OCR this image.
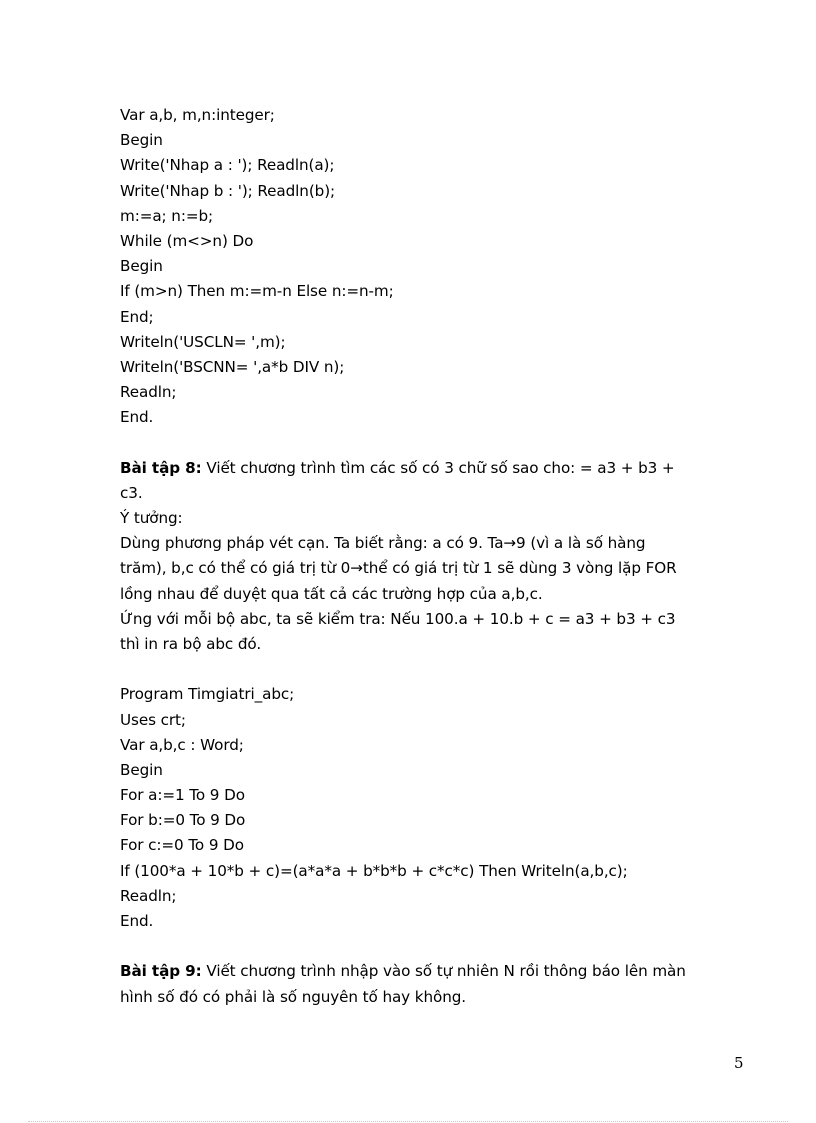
Var a,b, m,n:integer;
Begin
Write('Nhap a : '); Readln(a);
Write('Nhap b : '); Readln(b);
m:=a; n:=b;
While (m<>n) Do
Begin
If (m>n) Then m:=m-n Else n:=n-m;
End;
Writeln('USCLN= ',m);
Writeln('BSCNN= ',a*b DIV n);
Readln;
End.
Bài tập 8: Viết chương trình tìm các số có 3 chữ số sao cho: = a3 + b3 +
c3.
Ý tưởng:
Dùng phương pháp vét cạn. Ta biết rằng: a có 9. Ta→9 (vì a là số hàng
trăm), b,c có thể có giá trị từ 0→thể có giá trị từ 1 sẽ dùng 3 vòng lặp FOR
lồng nhau để duyệt qua tất cả các trường hợp của a,b,c.
Ứng với mỗi bộ abc, ta sẽ kiểm tra: Nếu 100.a + 10.b + c = a3 + b3 + c3
thì in ra bộ abc đó.
Program Timgiatri_abc;
Uses crt;
Var a,b,c : Word;
Begin
For a:=1 To 9 Do
For b:=0 To 9 Do
For c:=0 To 9 Do
If (100*a + 10*b + c)=(a*a*a + b*b*b + c*c*c) Then Writeln(a,b,c);
Readln;
End.
Bài tập 9: Viết chương trình nhập vào số tự nhiên N rồi thông báo lên màn
hình số đó có phải là số nguyên tố hay không.
5
